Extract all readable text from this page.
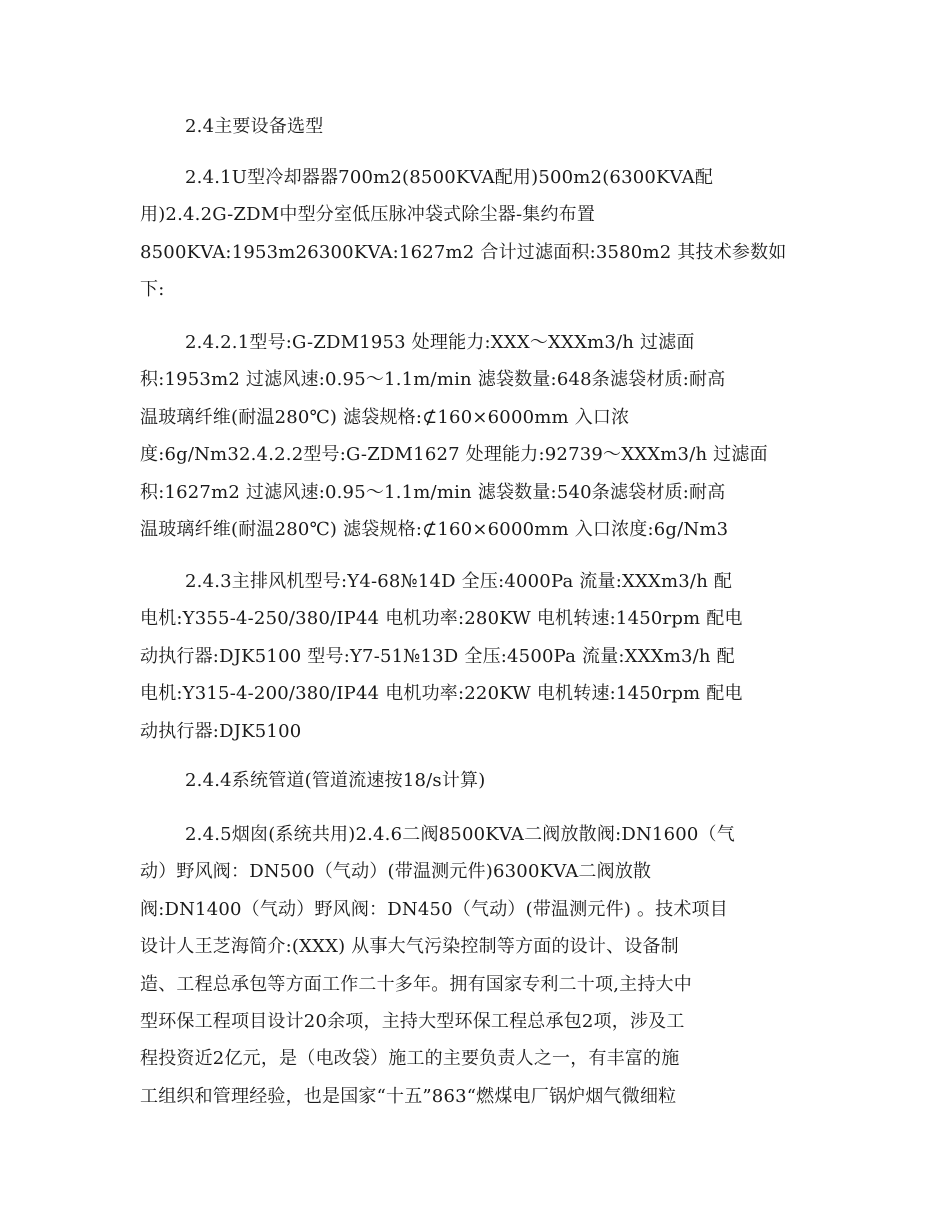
2.4主要设备选型
2.4.1U型冷却器器700m2(8500KVA配用)500m2(6300KVA配
用)2.4.2G-ZDM中型分室低压脉冲袋式除尘器-集约布置
8500KVA:1953m26300KVA:1627m2 合计过滤面积:3580m2 其技术参数如
下:
2.4.2.1型号:G-ZDM1953 处理能力:XXX～XXXm3/h 过滤面
积:1953m2 过滤风速:0.95～1.1m/min 滤袋数量:648条滤袋材质:耐高
温玻璃纤维(耐温280℃) 滤袋规格:⊄160×6000mm 入口浓
度:6g/Nm32.4.2.2型号:G-ZDM1627 处理能力:92739～XXXm3/h 过滤面
积:1627m2 过滤风速:0.95～1.1m/min 滤袋数量:540条滤袋材质:耐高
温玻璃纤维(耐温280℃) 滤袋规格:⊄160×6000mm 入口浓度:6g/Nm3
2.4.3主排风机型号:Y4-68№14D 全压:4000Pa 流量:XXXm3/h 配
电机:Y355-4-250/380/IP44 电机功率:280KW 电机转速:1450rpm 配电
动执行器:DJK5100 型号:Y7-51№13D 全压:4500Pa 流量:XXXm3/h 配
电机:Y315-4-200/380/IP44 电机功率:220KW 电机转速:1450rpm 配电
动执行器:DJK5100
2.4.4系统管道(管道流速按18/s计算)
2.4.5烟囱(系统共用)2.4.6二阀8500KVA二阀放散阀:DN1600（气
动）野风阀：DN500（气动）(带温测元件)6300KVA二阀放散
阀:DN1400（气动）野风阀：DN450（气动）(带温测元件) 。技术项目
设计人王芝海简介:(XXX) 从事大气污染控制等方面的设计、设备制
造、工程总承包等方面工作二十多年。拥有国家专利二十项,主持大中
型环保工程项目设计20余项，主持大型环保工程总承包2项，涉及工
程投资近2亿元，是（电改袋）施工的主要负责人之一，有丰富的施
工组织和管理经验，也是国家“十五”863“燃煤电厂锅炉烟气微细粒
